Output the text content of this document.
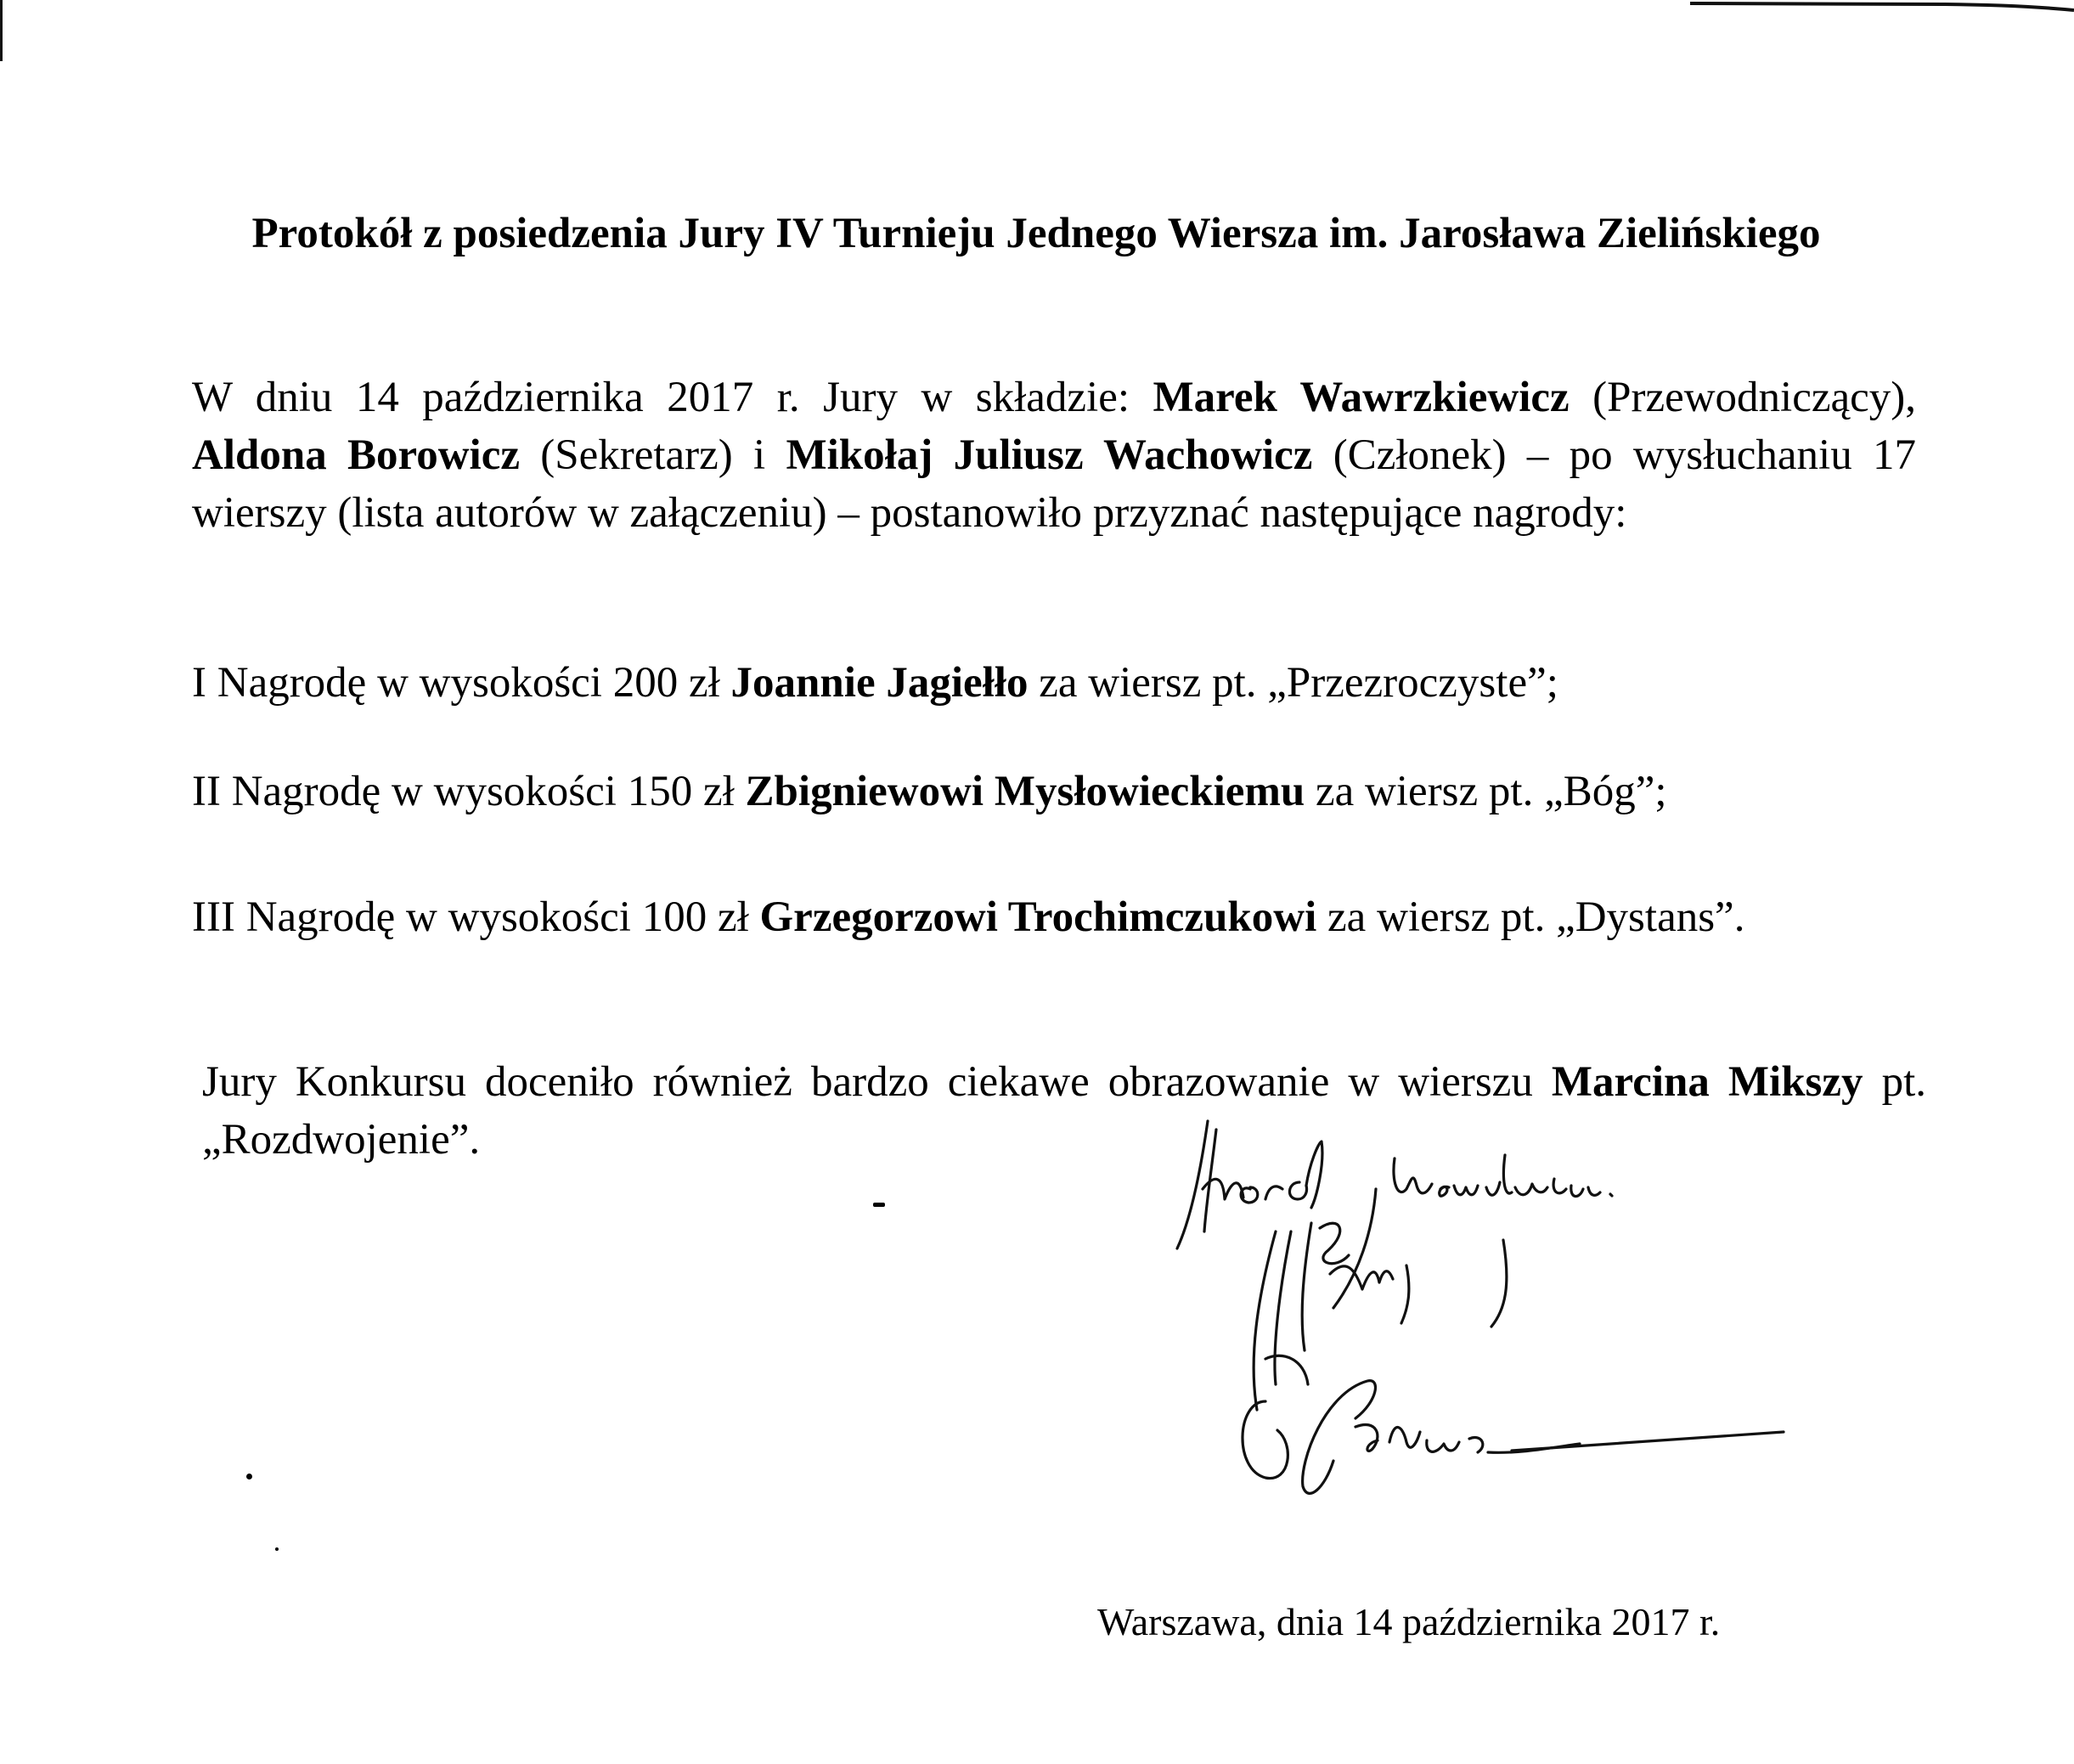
Protokół z posiedzenia Jury IV Turnieju Jednego Wiersza im. Jarosława Zielińskiego

W dniu 14 października 2017 r. Jury w składzie: Marek Wawrzkiewicz (Przewodniczący), Aldona Borowicz (Sekretarz) i Mikołaj Juliusz Wachowicz (Członek) – po wysłuchaniu 17 wierszy (lista autorów w załączeniu) – postanowiło przyznać następujące nagrody:

I Nagrodę w wysokości 200 zł Joannie Jagiełło za wiersz pt. „Przezroczyste”;

II Nagrodę w wysokości 150 zł Zbigniewowi Mysłowieckiemu za wiersz pt. „Bóg”;

III Nagrodę w wysokości 100 zł Grzegorzowi Trochimczukowi za wiersz pt. „Dystans”.

Jury Konkursu doceniło również bardzo ciekawe obrazowanie w wierszu Marcina Mikszy pt. „Rozdwojenie”.

Warszawa, dnia 14 października 2017 r.
